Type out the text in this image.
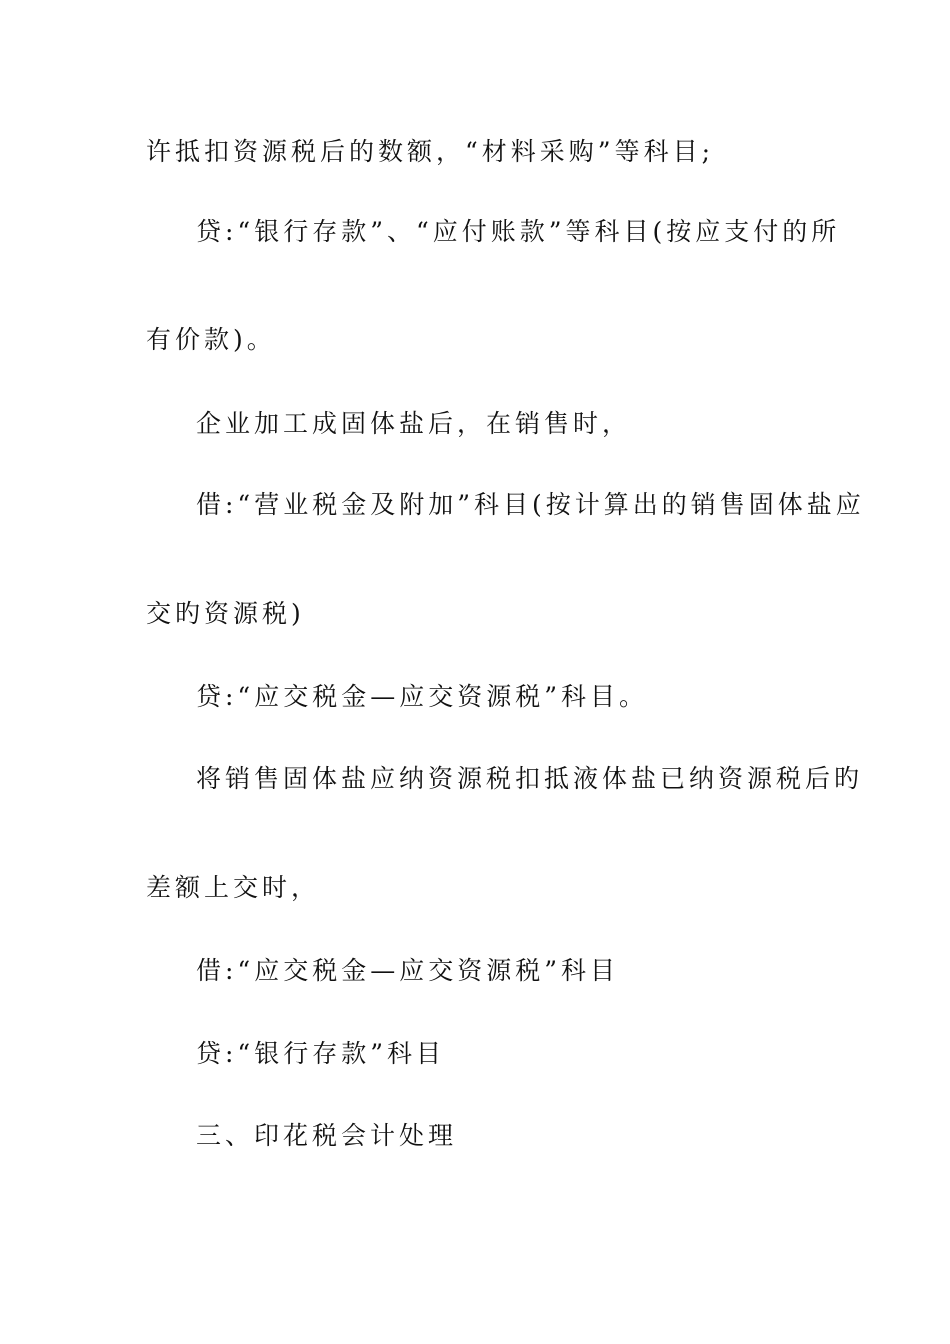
许抵扣资源税后的数额，“材料采购”等科目;
贷:“银行存款”、“应付账款”等科目(按应支付的所
有价款)。
企业加工成固体盐后，在销售时，
借:“营业税金及附加”科目(按计算出的销售固体盐应
交旳资源税)
贷:“应交税金—应交资源税”科目。
将销售固体盐应纳资源税扣抵液体盐已纳资源税后旳
差额上交时，
借:“应交税金—应交资源税”科目
贷:“银行存款”科目
三、印花税会计处理
